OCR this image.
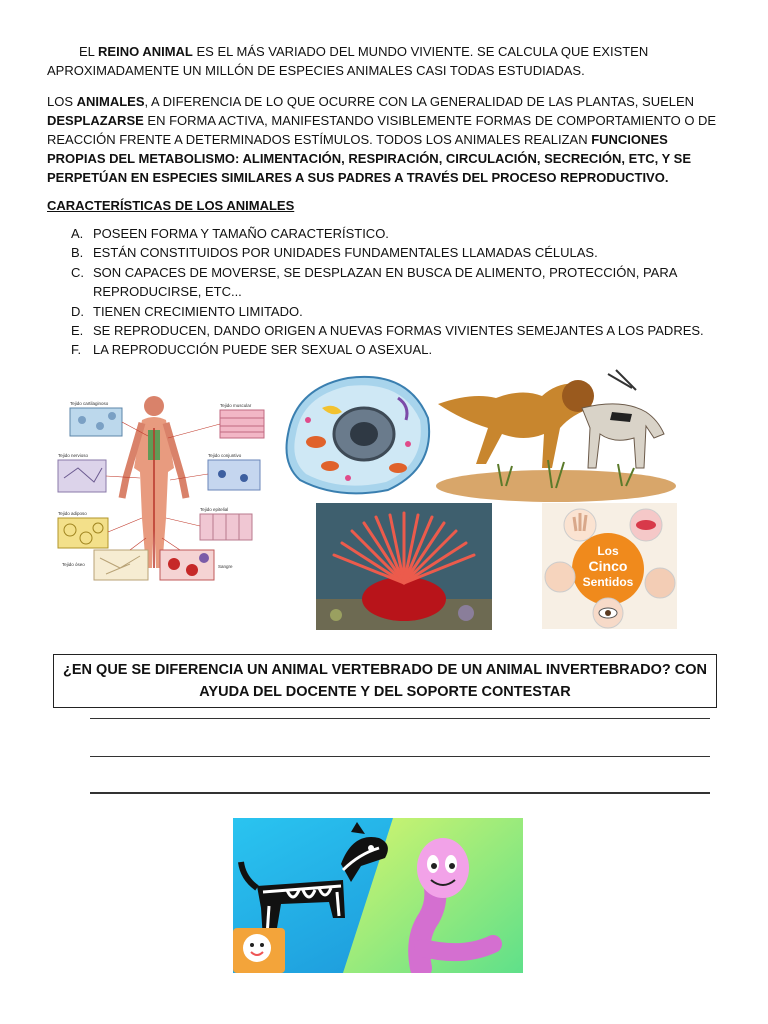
EL REINO ANIMAL ES EL MÁS VARIADO DEL MUNDO VIVIENTE. SE CALCULA QUE EXISTEN APROXIMADAMENTE UN MILLÓN DE ESPECIES ANIMALES CASI TODAS ESTUDIADAS.

LOS ANIMALES, A DIFERENCIA DE LO QUE OCURRE CON LA GENERALIDAD DE LAS PLANTAS, SUELEN DESPLAZARSE EN FORMA ACTIVA, MANIFESTANDO VISIBLEMENTE FORMAS DE COMPORTAMIENTO O DE REACCIÓN FRENTE A DETERMINADOS ESTÍMULOS. TODOS LOS ANIMALES REALIZAN FUNCIONES PROPIAS DEL METABOLISMO: ALIMENTACIÓN, RESPIRACIÓN, CIRCULACIÓN, SECRECIÓN, ETC, Y SE PERPETÚAN EN ESPECIES SIMILARES A SUS PADRES A TRAVÉS DEL PROCESO REPRODUCTIVO.

CARACTERÍSTICAS DE LOS ANIMALES
A. POSEEN FORMA Y TAMAÑO CARACTERÍSTICO.
B. ESTÁN CONSTITUIDOS POR UNIDADES FUNDAMENTALES LLAMADAS CÉLULAS.
C. SON CAPACES DE MOVERSE, SE DESPLAZAN EN BUSCA DE ALIMENTO, PROTECCIÓN, PARA REPRODUCIRSE, ETC...
D. TIENEN CRECIMIENTO LIMITADO.
E. SE REPRODUCEN, DANDO ORIGEN A NUEVAS FORMAS VIVIENTES SEMEJANTES A LOS PADRES.
F. LA REPRODUCCIÓN PUEDE SER SEXUAL O ASEXUAL.
Tejido cartilaginoso	Tejido muscular
Tejido nervioso	Tejido conjuntivo
Tejido epitelial
Tejido adiposo
Tejido óseo	Sangre
Los
Cinco
Sentidos
¿EN QUE SE DIFERENCIA UN ANIMAL VERTEBRADO DE UN ANIMAL INVERTEBRADO? CON
AYUDA DEL DOCENTE Y DEL SOPORTE CONTESTAR
